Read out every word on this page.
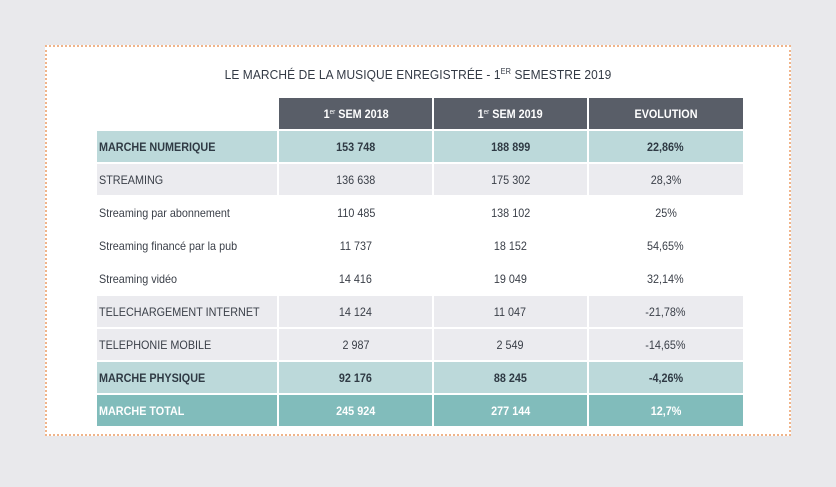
LE MARCHÉ DE LA MUSIQUE ENREGISTRÉE - 1ER SEMESTRE 2019
	1er SEM 2018	1er SEM 2019	EVOLUTION
MARCHE NUMERIQUE	153 748	188 899	22,86%
STREAMING	136 638	175 302	28,3%
Streaming par abonnement	110 485	138 102	25%
Streaming financé par la pub	11 737	18 152	54,65%
Streaming vidéo	14 416	19 049	32,14%
TELECHARGEMENT INTERNET	14 124	11 047	-21,78%
TELEPHONIE MOBILE	2 987	2 549	-14,65%
MARCHE PHYSIQUE	92 176	88 245	-4,26%
MARCHE TOTAL	245 924	277 144	12,7%
